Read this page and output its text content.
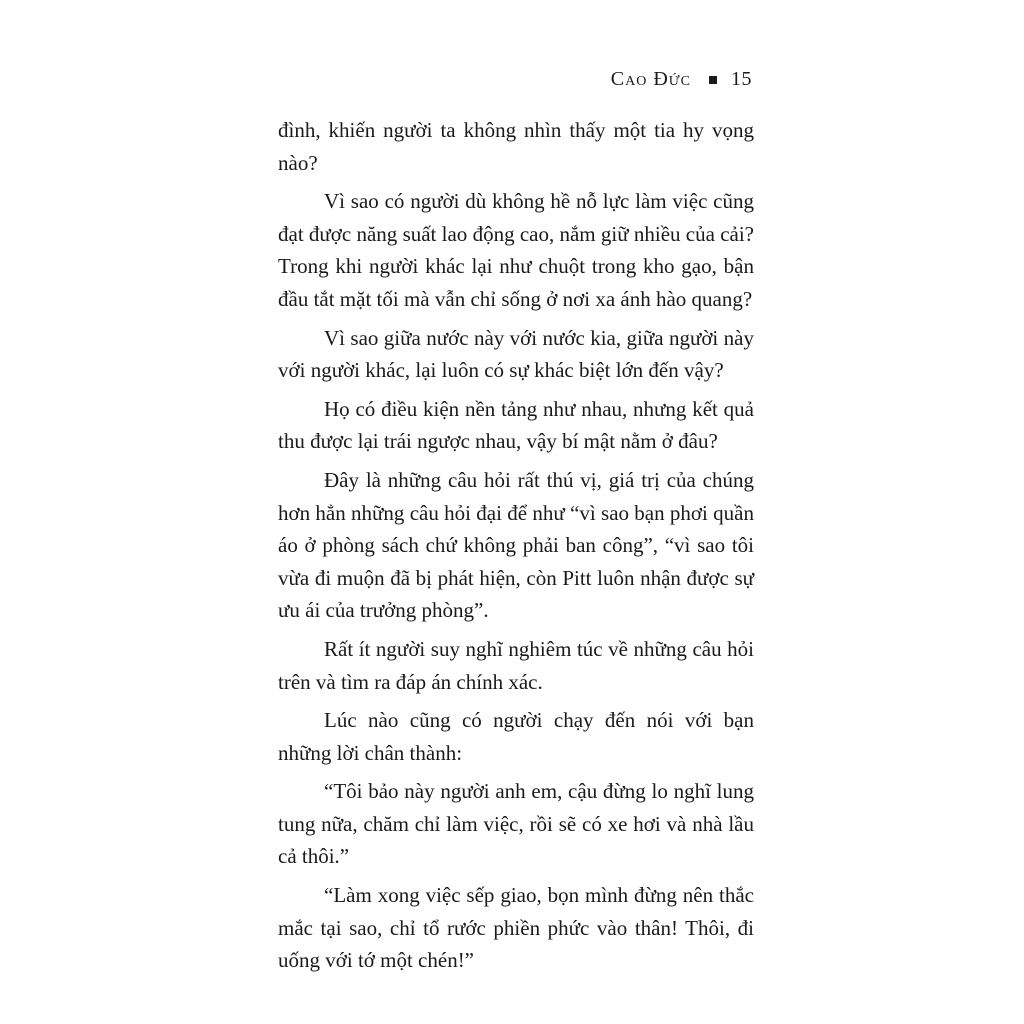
Cao Đức 15

đình, khiến người ta không nhìn thấy một tia hy vọng nào?

Vì sao có người dù không hề nỗ lực làm việc cũng đạt được năng suất lao động cao, nắm giữ nhiều của cải? Trong khi người khác lại như chuột trong kho gạo, bận đầu tắt mặt tối mà vẫn chỉ sống ở nơi xa ánh hào quang?

Vì sao giữa nước này với nước kia, giữa người này với người khác, lại luôn có sự khác biệt lớn đến vậy?

Họ có điều kiện nền tảng như nhau, nhưng kết quả thu được lại trái ngược nhau, vậy bí mật nằm ở đâu?

Đây là những câu hỏi rất thú vị, giá trị của chúng hơn hẳn những câu hỏi đại để như “vì sao bạn phơi quần áo ở phòng sách chứ không phải ban công”, “vì sao tôi vừa đi muộn đã bị phát hiện, còn Pitt luôn nhận được sự ưu ái của trưởng phòng”.

Rất ít người suy nghĩ nghiêm túc về những câu hỏi trên và tìm ra đáp án chính xác.

Lúc nào cũng có người chạy đến nói với bạn những lời chân thành:

“Tôi bảo này người anh em, cậu đừng lo nghĩ lung tung nữa, chăm chỉ làm việc, rồi sẽ có xe hơi và nhà lầu cả thôi.”

“Làm xong việc sếp giao, bọn mình đừng nên thắc mắc tại sao, chỉ tổ rước phiền phức vào thân! Thôi, đi uống với tớ một chén!”
